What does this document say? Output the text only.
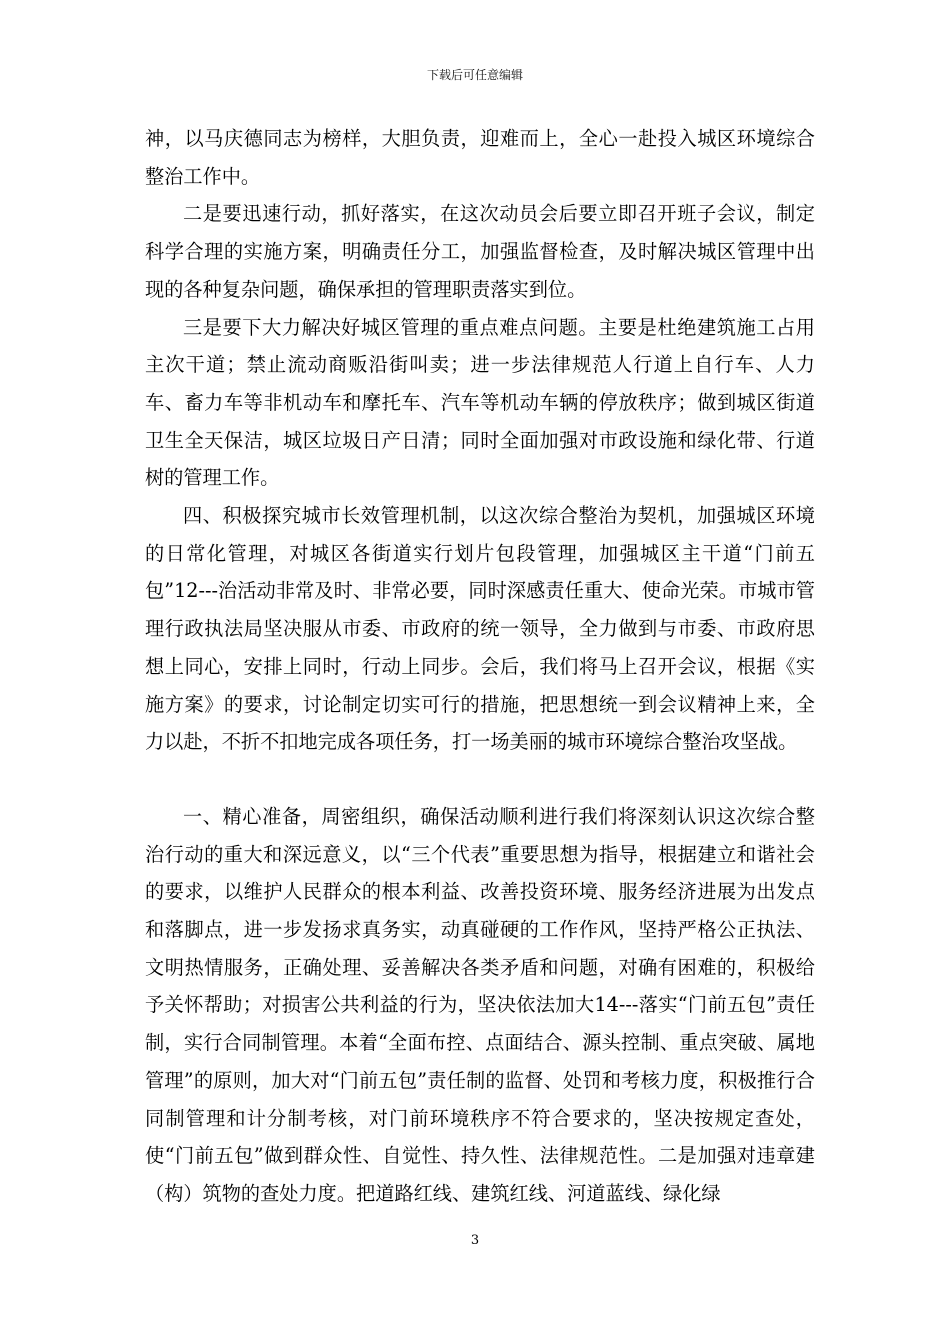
下载后可任意编辑

神，以马庆德同志为榜样，大胆负责，迎难而上，全心一赴投入城区环境综合整治工作中。

二是要迅速行动，抓好落实，在这次动员会后要立即召开班子会议，制定科学合理的实施方案，明确责任分工，加强监督检查，及时解决城区管理中出现的各种复杂问题，确保承担的管理职责落实到位。

三是要下大力解决好城区管理的重点难点问题。主要是杜绝建筑施工占用主次干道；禁止流动商贩沿街叫卖；进一步法律规范人行道上自行车、人力车、畜力车等非机动车和摩托车、汽车等机动车辆的停放秩序；做到城区街道卫生全天保洁，城区垃圾日产日清；同时全面加强对市政设施和绿化带、行道树的管理工作。

四、积极探究城市长效管理机制，以这次综合整治为契机，加强城区环境的日常化管理，对城区各街道实行划片包段管理，加强城区主干道“门前五包”12---治活动非常及时、非常必要，同时深感责任重大、使命光荣。市城市管理行政执法局坚决服从市委、市政府的统一领导，全力做到与市委、市政府思想上同心，安排上同时，行动上同步。会后，我们将马上召开会议，根据《实施方案》的要求，讨论制定切实可行的措施，把思想统一到会议精神上来，全力以赴，不折不扣地完成各项任务，打一场美丽的城市环境综合整治攻坚战。

一、精心准备，周密组织，确保活动顺利进行我们将深刻认识这次综合整治行动的重大和深远意义，以“三个代表”重要思想为指导，根据建立和谐社会的要求，以维护人民群众的根本利益、改善投资环境、服务经济进展为出发点和落脚点，进一步发扬求真务实，动真碰硬的工作作风，坚持严格公正执法、文明热情服务，正确处理、妥善解决各类矛盾和问题，对确有困难的，积极给予关怀帮助；对损害公共利益的行为，坚决依法加大14---落实“门前五包”责任制，实行合同制管理。本着“全面布控、点面结合、源头控制、重点突破、属地管理”的原则，加大对“门前五包”责任制的监督、处罚和考核力度，积极推行合同制管理和计分制考核，对门前环境秩序不符合要求的，坚决按规定查处，使“门前五包”做到群众性、自觉性、持久性、法律规范性。二是加强对违章建（构）筑物的查处力度。把道路红线、建筑红线、河道蓝线、绿化绿

3
